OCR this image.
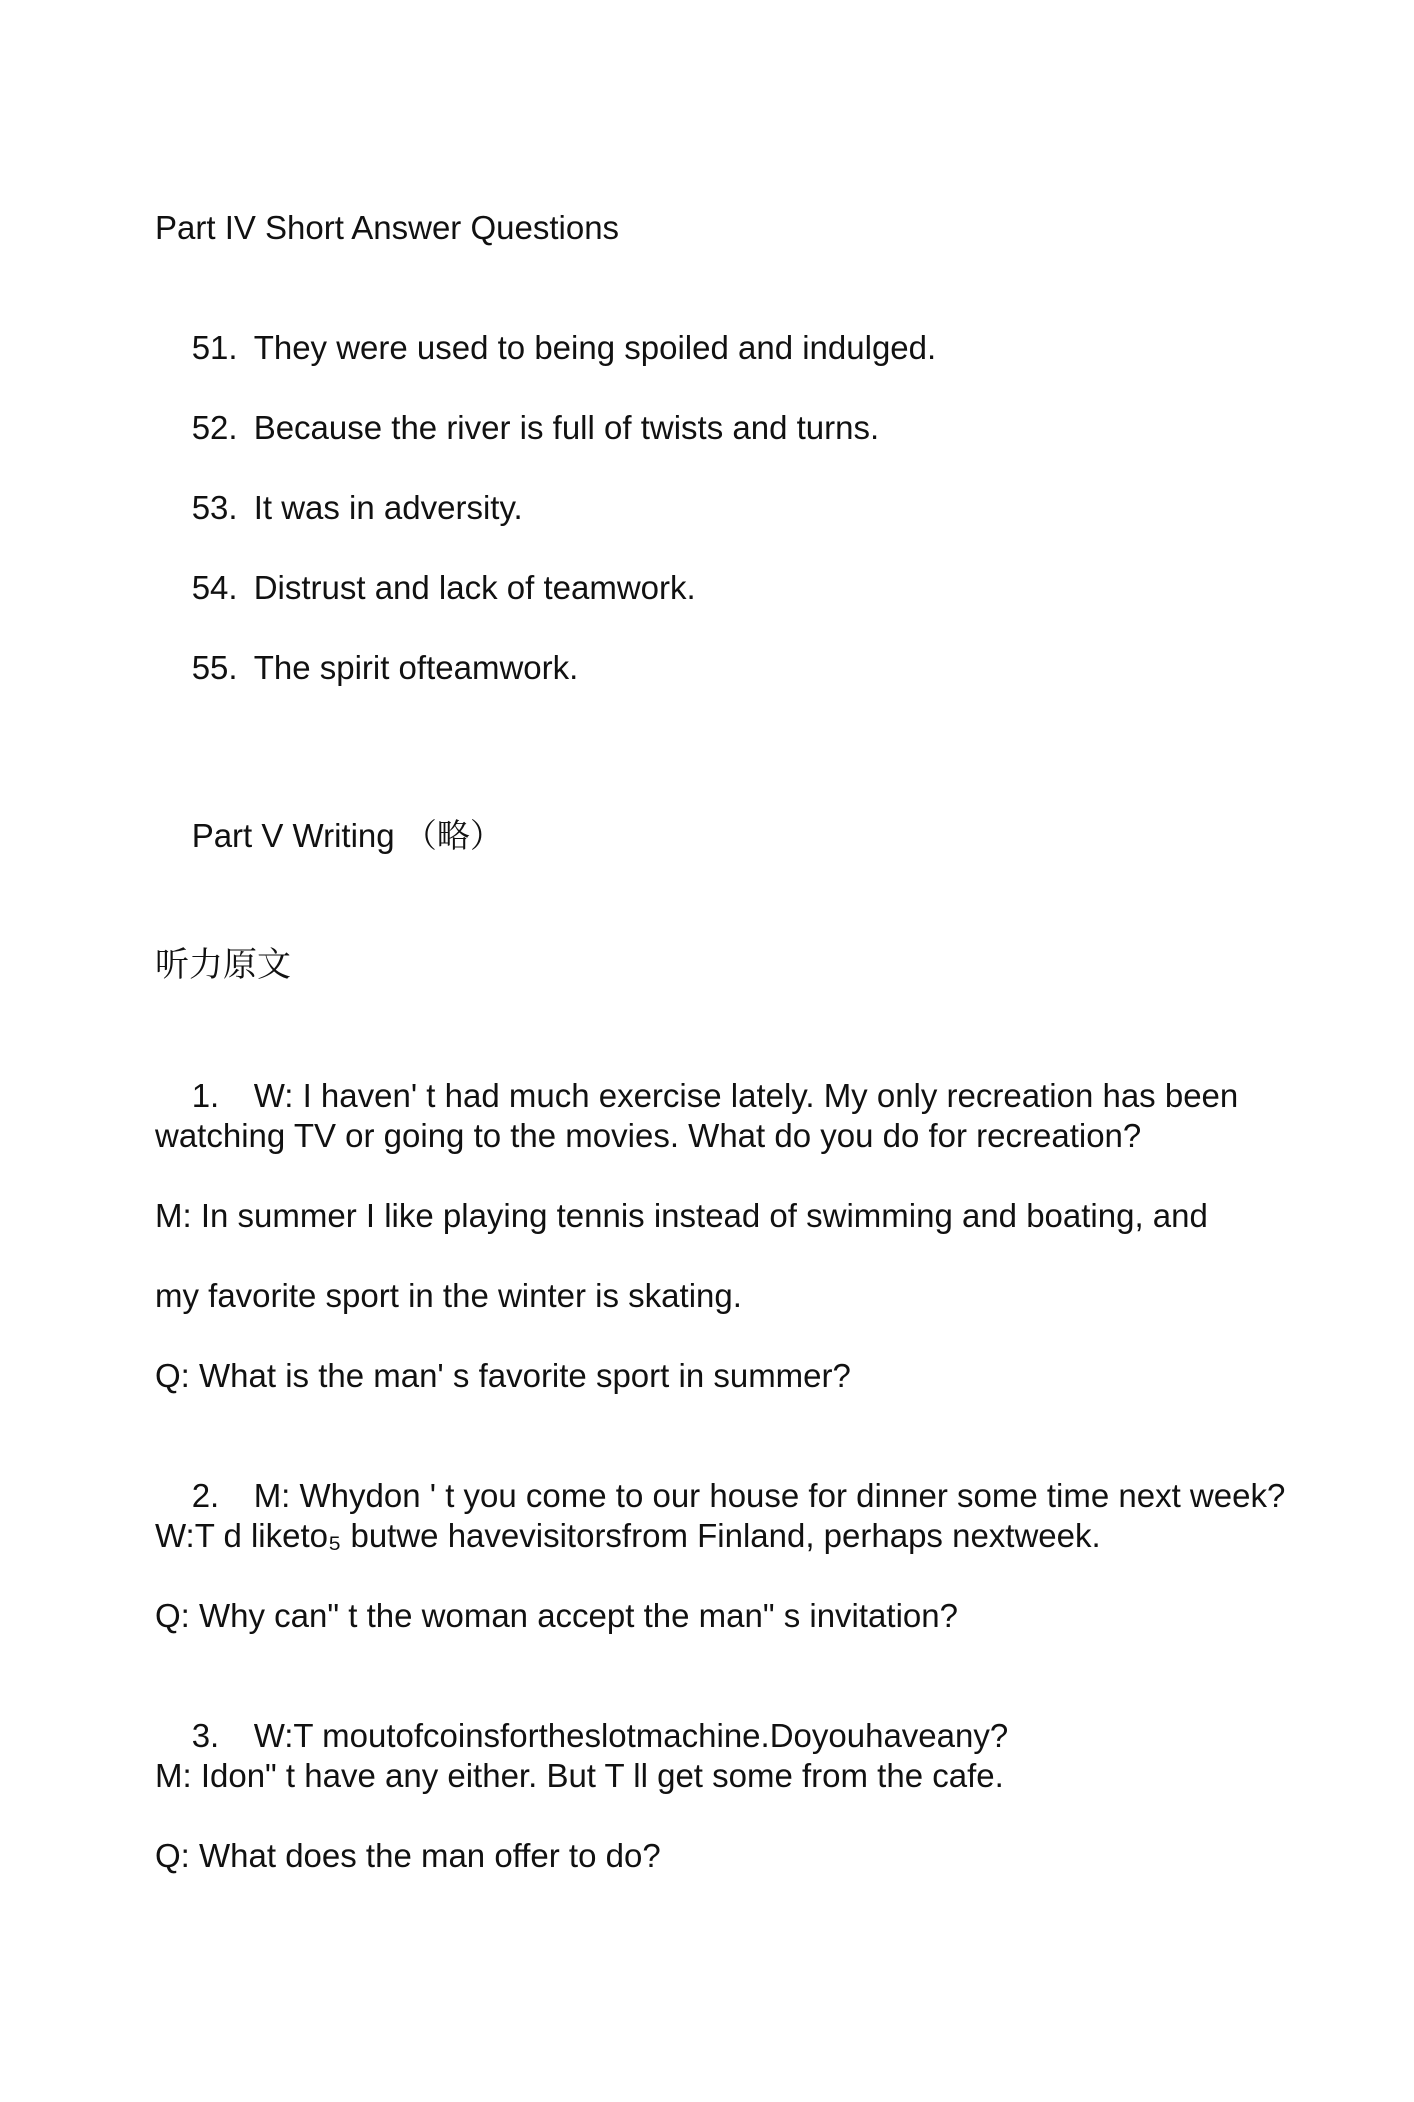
Part IV Short Answer Questions

51. They were used to being spoiled and indulged.

52. Because the river is full of twists and turns.

53. It was in adversity.

54. Distrust and lack of teamwork.

55. The spirit ofteamwork.

Part V Writing （略）

听力原文

1. W: I haven' t had much exercise lately. My only recreation has been

watching TV or going to the movies. What do you do for recreation?
M: In summer I like playing tennis instead of swimming and boating, and
my favorite sport in the winter is skating.
Q: What is the man' s favorite sport in summer?

2. M: Whydon ' t you come to our house for dinner some time next week?

W:T d liketo₅ butwe havevisitorsfrom Finland, perhaps nextweek.
Q: Why can" t the woman accept the man" s invitation?

3. W:T moutofcoinsfortheslotmachine.Doyouhaveany?

M: Idon" t have any either. But T ll get some from the cafe.
Q: What does the man offer to do?
